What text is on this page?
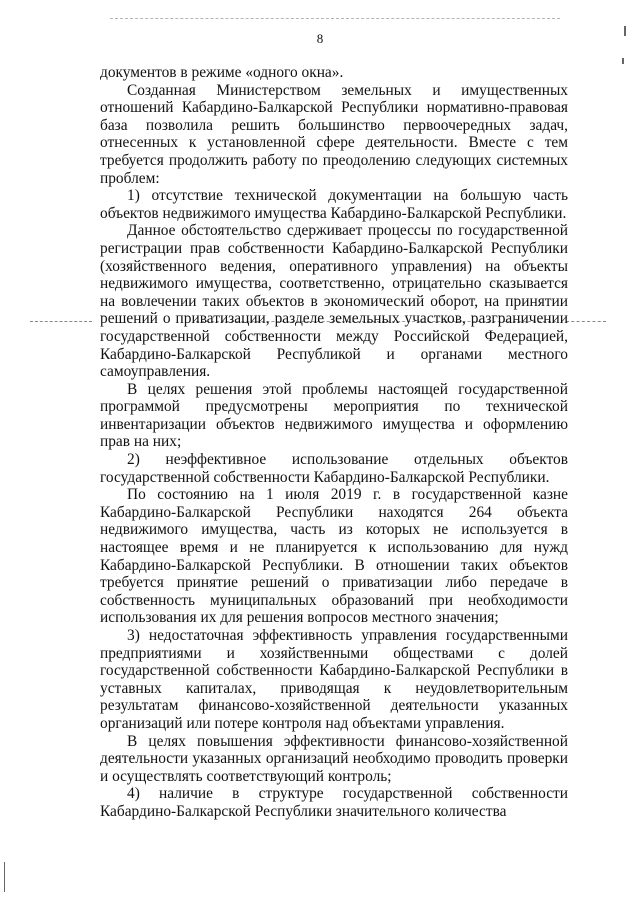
8

документов в режиме «одного окна».

Созданная Министерством земельных и имущественных отношений Кабардино-Балкарской Республики нормативно-правовая база позволила решить большинство первоочередных задач, отнесенных к установленной сфере деятельности. Вместе с тем требуется продолжить работу по преодолению следующих системных проблем:

1) отсутствие технической документации на большую часть объектов недвижимого имущества Кабардино-Балкарской Республики.

Данное обстоятельство сдерживает процессы по государственной регистрации прав собственности Кабардино-Балкарской Республики (хозяйственного ведения, оперативного управления) на объекты недвижимого имущества, соответственно, отрицательно сказывается на вовлечении таких объектов в экономический оборот, на принятии решений о приватизации, разделе земельных участков, разграничении государственной собственности между Российской Федерацией, Кабардино-Балкарской Республикой и органами местного самоуправления.

В целях решения этой проблемы настоящей государственной программой предусмотрены мероприятия по технической инвентаризации объектов недвижимого имущества и оформлению прав на них;

2) неэффективное использование отдельных объектов государственной собственности Кабардино-Балкарской Республики.

По состоянию на 1 июля 2019 г. в государственной казне Кабардино-Балкарской Республики находятся 264 объекта недвижимого имущества, часть из которых не используется в настоящее время и не планируется к использованию для нужд Кабардино-Балкарской Республики. В отношении таких объектов требуется принятие решений о приватизации либо передаче в собственность муниципальных образований при необходимости использования их для решения вопросов местного значения;

3) недостаточная эффективность управления государственными предприятиями и хозяйственными обществами с долей государственной собственности Кабардино-Балкарской Республики в уставных капиталах, приводящая к неудовлетворительным результатам финансово-хозяйственной деятельности указанных организаций или потере контроля над объектами управления.

В целях повышения эффективности финансово-хозяйственной деятельности указанных организаций необходимо проводить проверки и осуществлять соответствующий контроль;

4) наличие в структуре государственной собственности Кабардино-Балкарской Республики значительного количества
